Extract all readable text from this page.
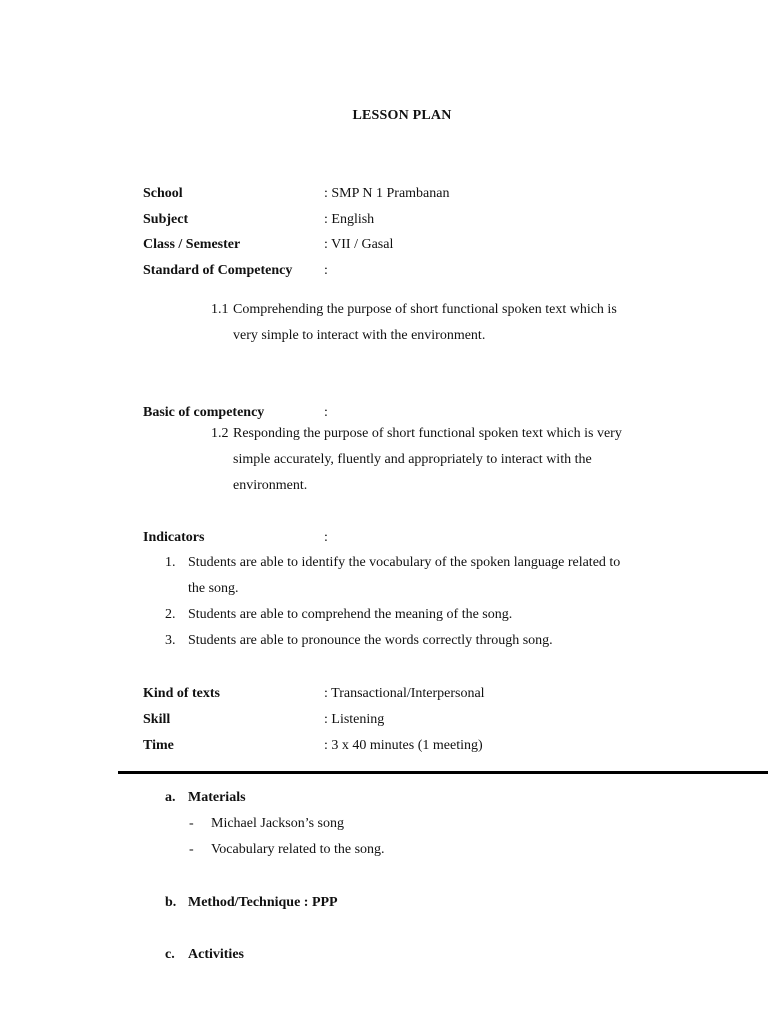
LESSON PLAN
School	: SMP N 1 Prambanan
Subject	: English
Class / Semester	: VII / Gasal
Standard of Competency :
1.1 Comprehending the purpose of short functional spoken text which is
very simple to interact with the environment.
Basic of competency	:
1.2 Responding the purpose of short functional spoken text which is very
simple accurately, fluently and appropriately to interact with the
environment.
Indicators	:
1. Students are able to identify the vocabulary of the spoken language related to
the song.
2. Students are able to comprehend the meaning of the song.
3. Students are able to pronounce the words correctly through song.
Kind of texts	: Transactional/Interpersonal
Skill	: Listening
Time	: 3 x 40 minutes (1 meeting)
a. Materials
- Michael Jackson’s song
- Vocabulary related to the song.
b. Method/Technique : PPP
c. Activities
